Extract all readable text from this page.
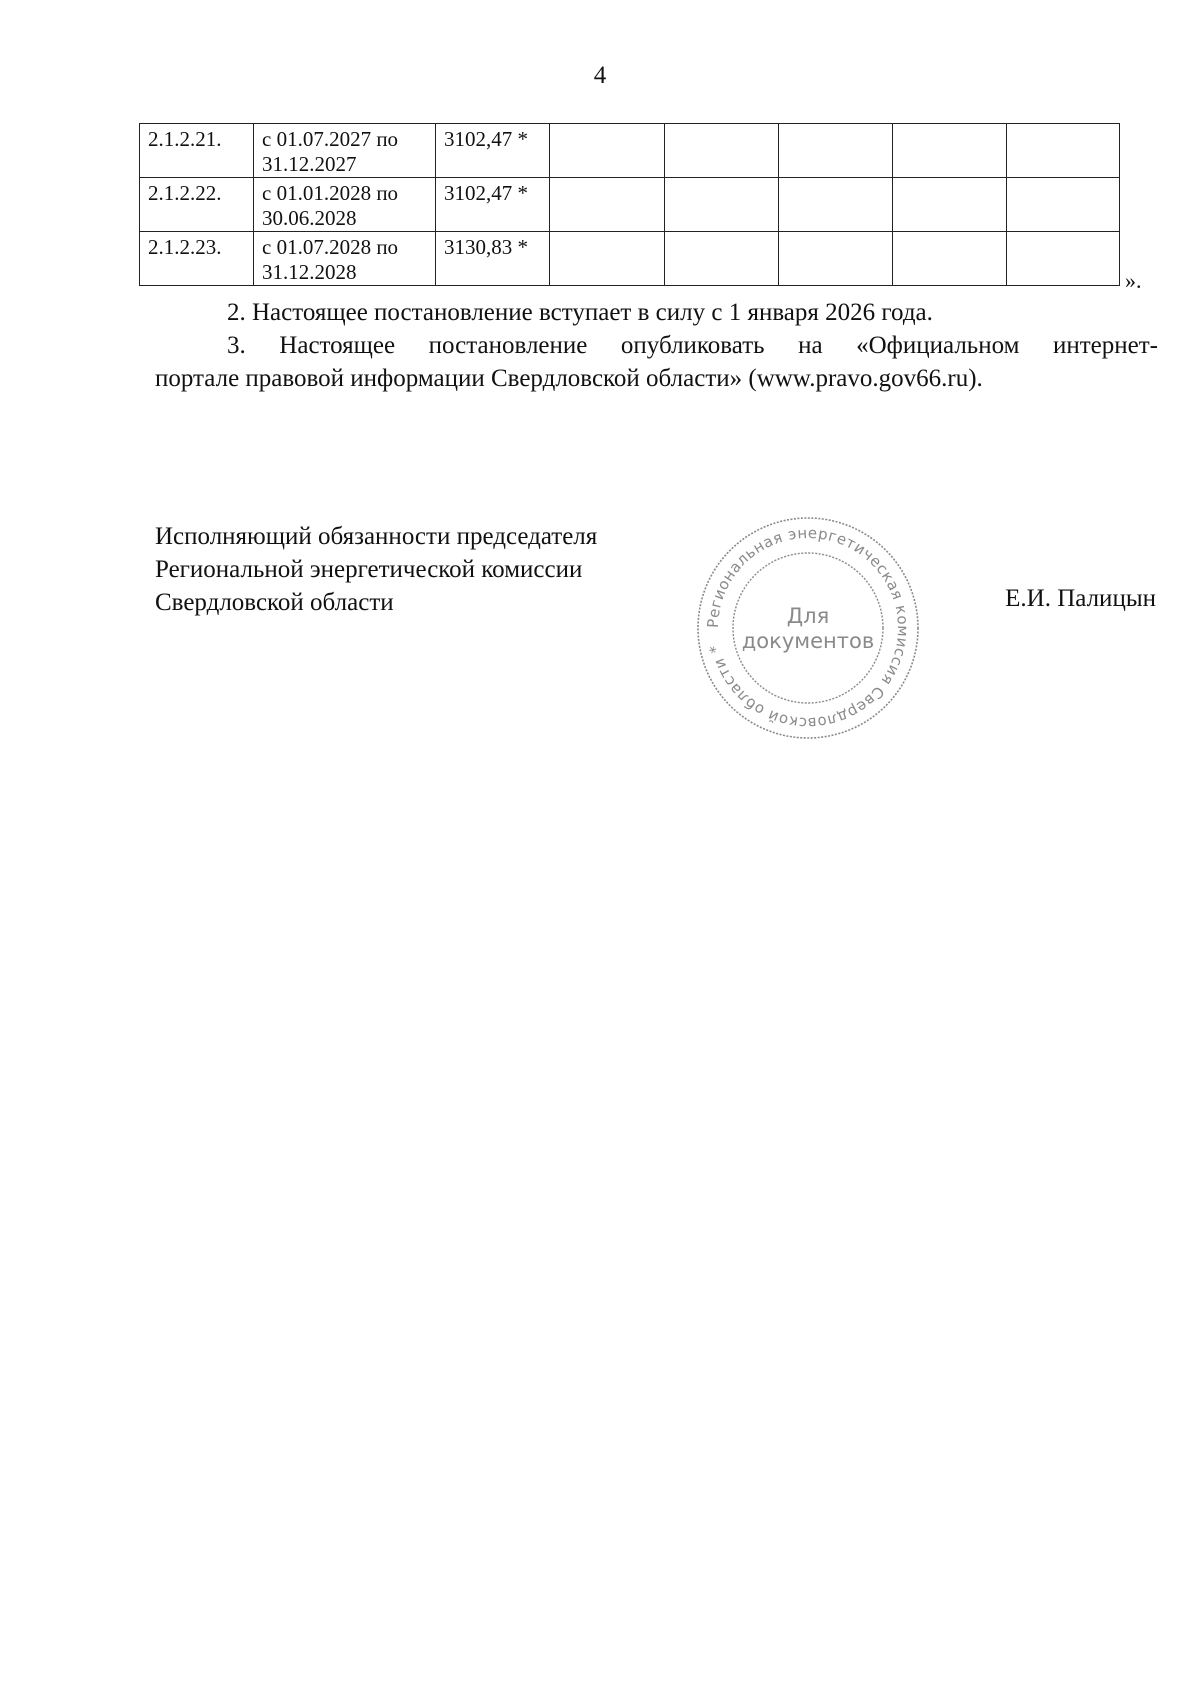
4
2.1.2.21.	с 01.07.2027 по 31.12.2027	3102,47 *					
2.1.2.22.	с 01.01.2028 по 30.06.2028	3102,47 *					
2.1.2.23.	с 01.07.2028 по 31.12.2028	3130,83 *					
».
2. Настоящее постановление вступает в силу с 1 января 2026 года.
3. Настоящее постановление опубликовать на «Официальном интернет-
портале правовой информации Свердловской области» (www.pravo.gov66.ru).
Исполняющий обязанности председателя
Региональной энергетической комиссии
Свердловской области
Региональная энергетическая комиссия Свердловской области *
Для
документов
Е.И. Палицын
